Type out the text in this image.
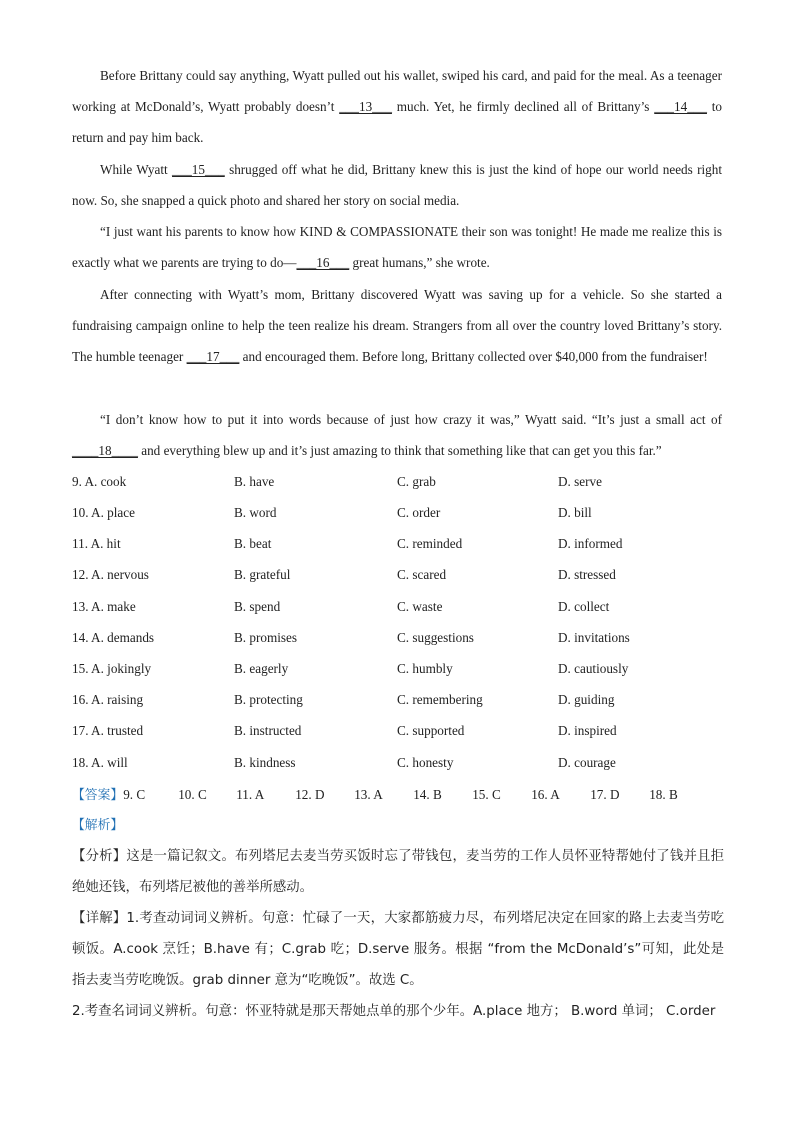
Before Brittany could say anything, Wyatt pulled out his wallet, swiped his card, and paid for the meal. As a teenager working at McDonald’s, Wyatt probably doesn’t ___13___ much. Yet, he firmly declined all of Brittany’s ___14___ to return and pay him back.

While Wyatt ___15___ shrugged off what he did, Brittany knew this is just the kind of hope our world needs right now. So, she snapped a quick photo and shared her story on social media.

“I just want his parents to know how KIND & COMPASSIONATE their son was tonight! He made me realize this is exactly what we parents are trying to do—___16___ great humans,” she wrote.

After connecting with Wyatt’s mom, Brittany discovered Wyatt was saving up for a vehicle. So she started a fundraising campaign online to help the teen realize his dream. Strangers from all over the country loved Brittany’s story. The humble teenager ___17___ and encouraged them. Before long, Brittany collected over $40,000 from the fundraiser!

“I don’t know how to put it into words because of just how crazy it was,” Wyatt said. “It’s just a small act of ____18____ and everything blew up and it’s just amazing to think that something like that can get you this far.”

9. A. cook	B. have	C. grab	D. serve
10. A. place	B. word	C. order	D. bill
11. A. hit	B. beat	C. reminded	D. informed
12. A. nervous	B. grateful	C. scared	D. stressed
13. A. make	B. spend	C. waste	D. collect
14. A. demands	B. promises	C. suggestions	D. invitations
15. A. jokingly	B. eagerly	C. humbly	D. cautiously
16. A. raising	B. protecting	C. remembering	D. guiding
17. A. trusted	B. instructed	C. supported	D. inspired
18. A. will	B. kindness	C. honesty	D. courage
【答案】9. C	10. C 11. A 12. D 13. A 14. B 15. C 16. A 17. D 18. B
【解析】

【分析】这是一篇记叙文。布列塔尼去麦当劳买饭时忘了带钱包，麦当劳的工作人员怀亚特帮她付了钱并且拒绝她还钱，布列塔尼被他的善举所感动。

【详解】1.考查动词词义辨析。句意：忙碌了一天，大家都筋疲力尽，布列塔尼决定在回家的路上去麦当劳吃顿饭。A.cook 烹饪；B.have 有；C.grab 吃；D.serve 服务。根据 “from the McDonald’s”可知，此处是指去麦当劳吃晚饭。grab dinner 意为“吃晚饭”。故选 C。

2.考查名词词义辨析。句意：怀亚特就是那天帮她点单的那个少年。A.place 地方； B.word 单词； C.order
